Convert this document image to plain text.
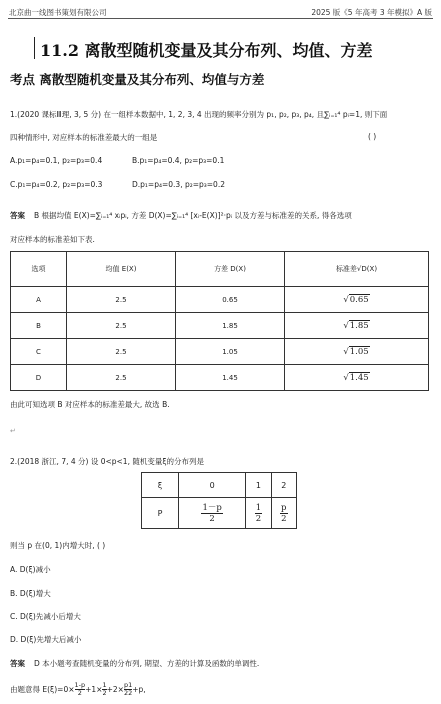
北京曲一线图书策划有限公司	2025 版《5 年高考 3 年模拟》A 版
11.2 离散型随机变量及其分布列、均值、方差
考点 离散型随机变量及其分布列、均值与方差
1.(2020 课标Ⅲ理, 3, 5 分) 在一组样本数据中, 1, 2, 3, 4 出现的频率分别为 p₁, p₂, p₃, p₄, 且∑ᵢ₌₁⁴ pᵢ=1, 则下面
四种情形中, 对应样本的标准差最大的一组是	( )
A.p₁=p₄=0.1, p₂=p₃=0.4	B.p₁=p₄=0.4, p₂=p₃=0.1
C.p₁=p₄=0.2, p₂=p₃=0.3	D.p₁=p₄=0.3, p₂=p₃=0.2
答案 B 根据均值 E(X)=∑ᵢ₌₁⁴ xᵢpᵢ, 方差 D(X)=∑ᵢ₌₁⁴ [xᵢ-E(X)]²·pᵢ 以及方差与标准差的关系, 得各选项
对应样本的标准差如下表.
选项	均值 E(X)	方差 D(X)	标准差√D(X)
A	2.5	0.65	√0.65
B	2.5	1.85	√1.85
C	2.5	1.05	√1.05
D	2.5	1.45	√1.45
由此可知选项 B 对应样本的标准差最大, 故选 B.
↵
2.(2018 浙江, 7, 4 分) 设 0<p<1, 随机变量ξ的分布列是
ξ	0	1	2
P	$\frac{1-p}{2}$	$\frac{1}{2}$	$\frac{p}{2}$
则当 p 在(0, 1)内增大时, ( )
A. D(ξ)减小
B. D(ξ)增大
C. D(ξ)先减小后增大
D. D(ξ)先增大后减小
答案 D 本小题考查随机变量的分布列, 期望、方差的计算及函数的单调性.
由题意得 $E(\xi)=0\times \frac{1-p}{2} +1\times \frac{1}{2} +2\times \frac{p}{2} \frac{1}{2} +p$,
